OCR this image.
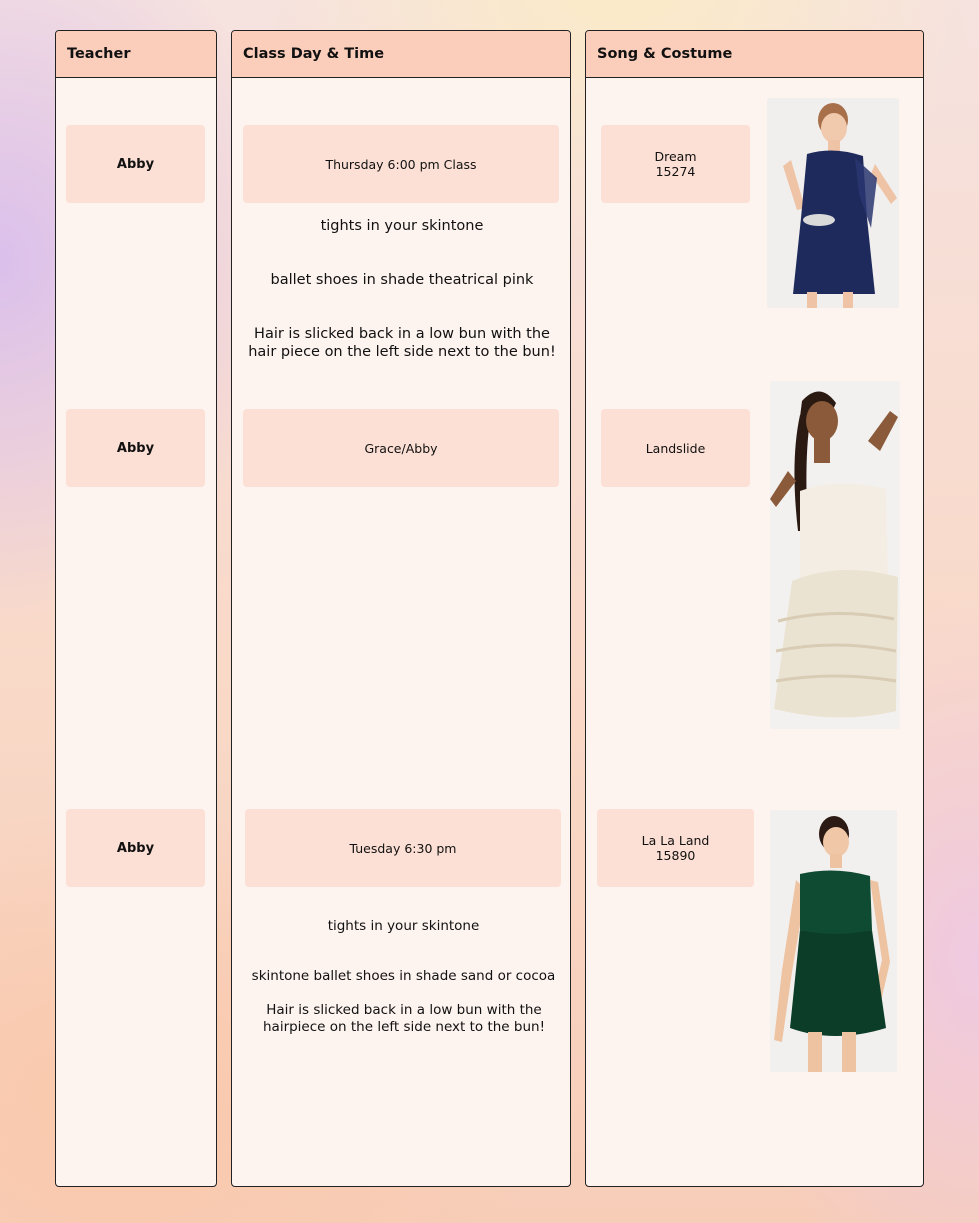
Teacher
Abby
Abby
Abby
Class Day & Time
Thursday 6:00 pm Class
tights in your skintone
ballet shoes in shade theatrical pink
Hair is slicked back in a low bun with the hair piece on the left side next to the bun!
Grace/Abby
Tuesday 6:30 pm
tights in your skintone
skintone ballet shoes in shade sand or cocoa
Hair is slicked back in a low bun with the hairpiece on the left side next to the bun!
Song & Costume
Dream
15274
Landslide
La La Land
15890
